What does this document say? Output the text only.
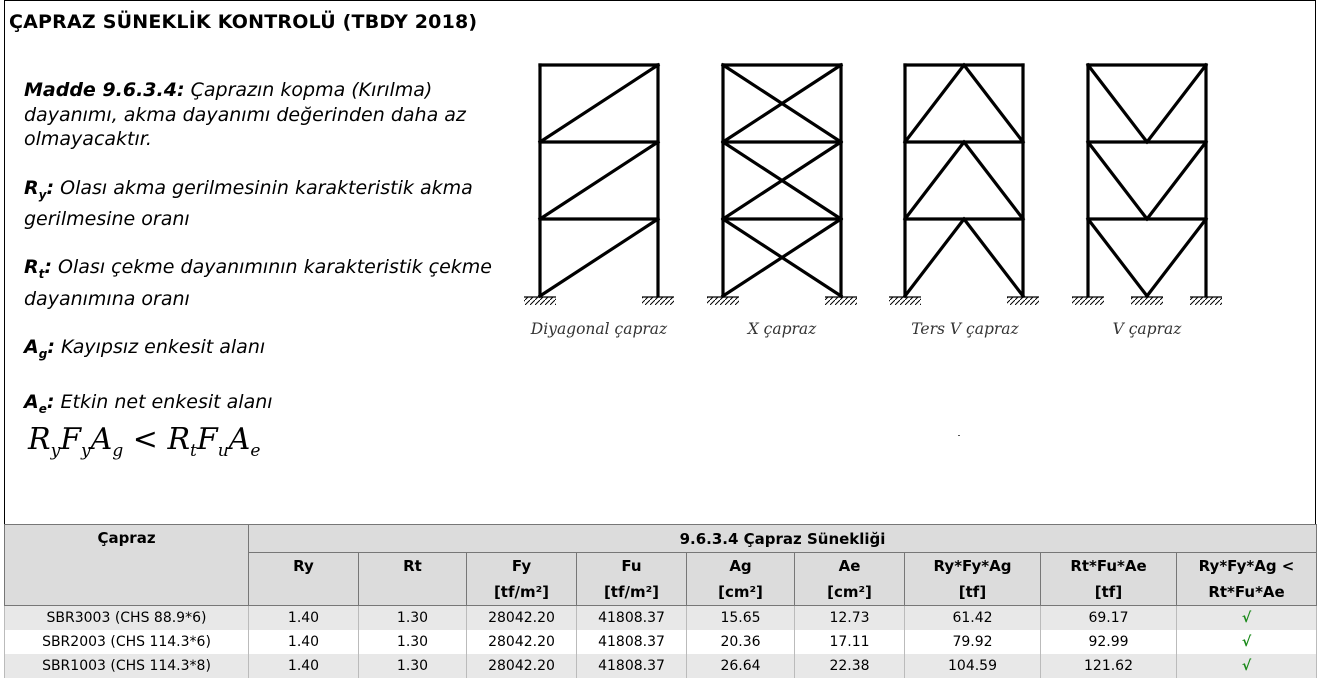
ÇAPRAZ SÜNEKLİK KONTROLÜ (TBDY 2018)

Madde 9.6.3.4: Çaprazın kopma (Kırılma) dayanımı, akma dayanımı değerinden daha az olmayacaktır.

$R_y$: Olası akma gerilmesinin karakteristik akma gerilmesine oranı

$R_t$: Olası çekme dayanımının karakteristik çekme dayanımına oranı

$A_g$: Kayıpsız enkesit alanı

$A_e$: Etkin net enkesit alanı

$R_yF_yA_g < R_tF_uA_e$
Diyagonal çapraz	X çapraz	Ters V çapraz	V çapraz
Çapraz	9.6.3.4 Çapraz Sünekliği								
	Ry	Rt	Fy	Fu	Ag	Ae	Ry*Fy*Ag	Rt*Fu*Ae	Ry*Fy*Ag <
			[tf/m²]	[tf/m²]	[cm²]	[cm²]	[tf]	[tf]	Rt*Fu*Ae
SBR3003 (CHS 88.9*6)	1.40	1.30	28042.20	41808.37	15.65	12.73	61.42	69.17	√
SBR2003 (CHS 114.3*6)	1.40	1.30	28042.20	41808.37	20.36	17.11	79.92	92.99	√
SBR1003 (CHS 114.3*8)	1.40	1.30	28042.20	41808.37	26.64	22.38	104.59	121.62	√
